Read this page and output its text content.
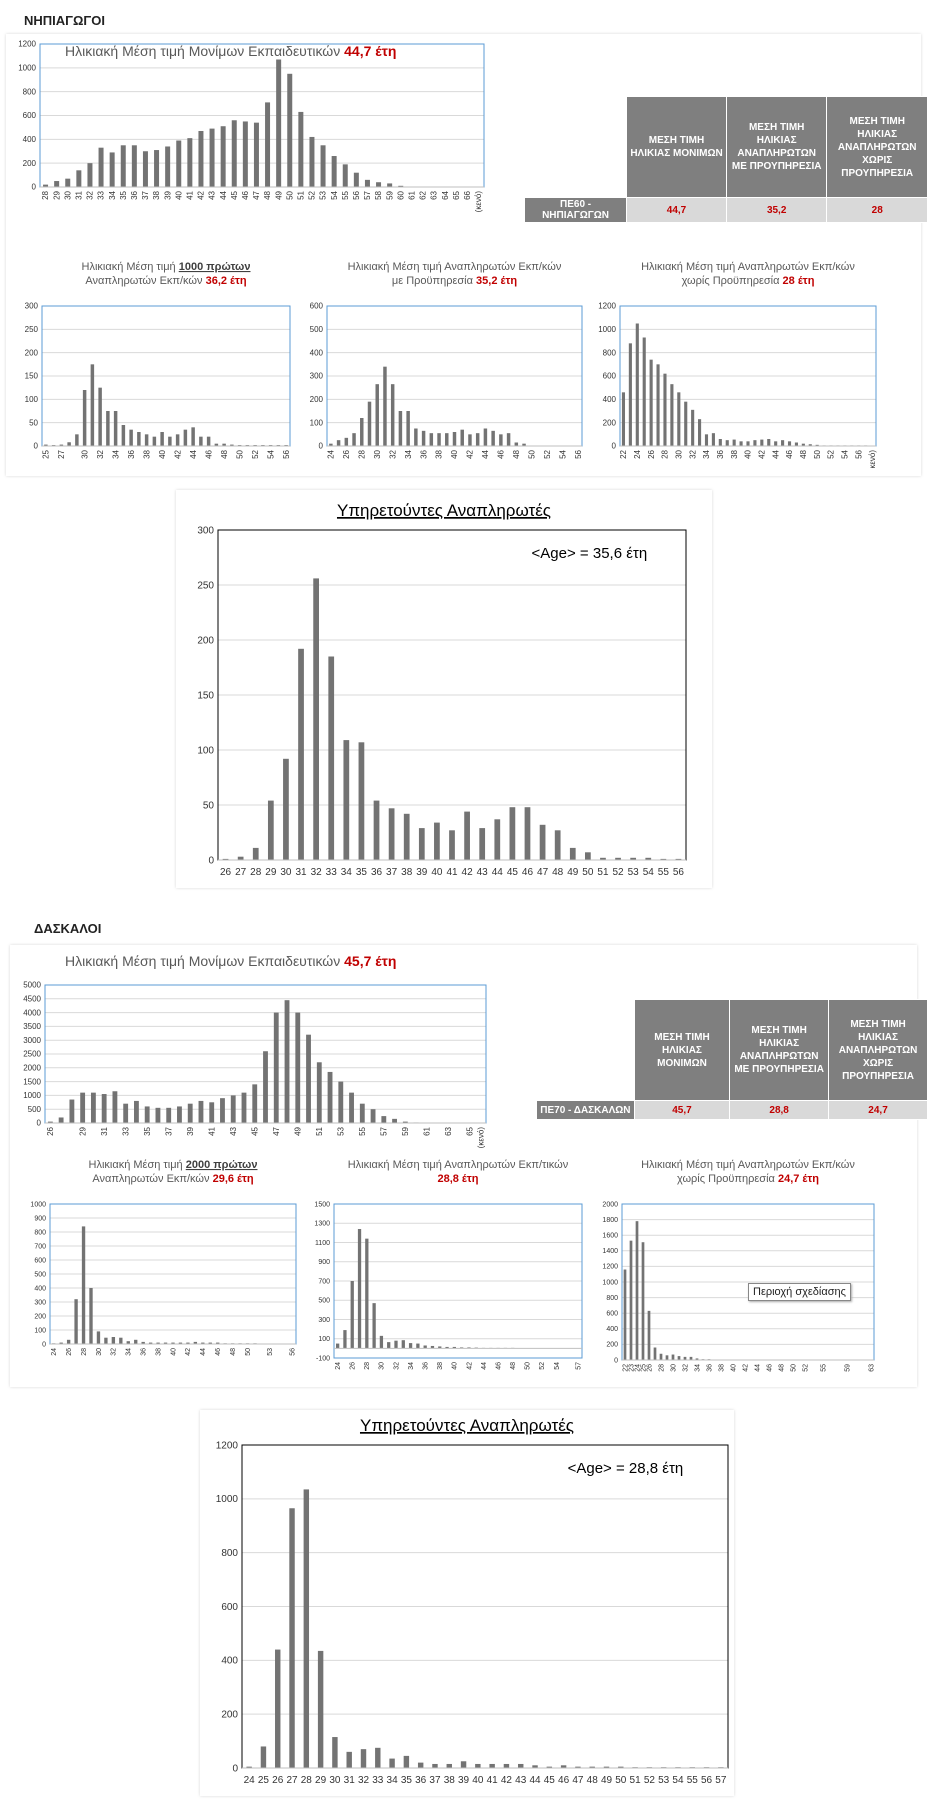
ΝΗΠΙΑΓΩΓΟΙ
Ηλικιακή Μέση τιμή Μονίμων Εκπαιδευτικών 44,7 έτη
0
200
400
600
800
1000
1200
28 29 30 31 32 33 34 35 36 37 38 39 40 41 42 43 44 45 46 47 48 49 50 51 52 53 54 55 56 57 58 59 60 61 62 63 64 65 66 (κενό)
	ΜΕΣΗ ΤΙΜΗ ΗΛΙΚΙΑΣ ΜΟΝΙΜΩΝ	ΜΕΣΗ ΤΙΜΗ ΗΛΙΚΙΑΣ ΑΝΑΠΛΗΡΩΤΩΝ ΜΕ ΠΡΟΥΠΗΡΕΣΙΑ	ΜΕΣΗ ΤΙΜΗ ΗΛΙΚΙΑΣ ΑΝΑΠΛΗΡΩΤΩΝ ΧΩΡΙΣ ΠΡΟΥΠΗΡΕΣΙΑ
ΠΕ60 - ΝΗΠΙΑΓΩΓΩΝ	44,7	35,2	28
Ηλικιακή Μέση τιμή 1000 πρώτων
Αναπληρωτών Εκπ/κών 36,2 έτη
0
50
100
150
200
250
300
25 27 30 32 34 36 38 40 42 44 46 48 50 52 54 56
Ηλικιακή Μέση τιμή Αναπληρωτών Εκπ/κών
με Προϋπηρεσία 35,2 έτη
0
100
200
300
400
500
600
24 26 28 30 32 34 36 38 40 42 44 46 48 50 52 54 56
Ηλικιακή Μέση τιμή Αναπληρωτών Εκπ/κών
χωρίς Προϋπηρεσία 28 έτη
0
200
400
600
800
1000
1200
22 24 26 28 30 32 34 36 38 40 42 44 46 48 50 52 54 56 (κενό)
Υπηρετούντες Αναπληρωτές
0
50
100
150
200
250
300
26 27 28 29 30 31 32 33 34 35 36 37 38 39 40 41 42 43 44 45 46 47 48 49 50 51 52 53 54 55 56
<Age> = 35,6 έτη
ΔΑΣΚΑΛΟΙ
Ηλικιακή Μέση τιμή Μονίμων Εκπαιδευτικών 45,7 έτη
0
500
1000
1500
2000
2500
3000
3500
4000
4500
5000
26	29 31 33 35 37 39 41 43 45 47 49 51 53 55 57 59 61 63 65 (κενό)
	ΜΕΣΗ ΤΙΜΗ ΗΛΙΚΙΑΣ ΜΟΝΙΜΩΝ	ΜΕΣΗ ΤΙΜΗ ΗΛΙΚΙΑΣ ΑΝΑΠΛΗΡΩΤΩΝ ΜΕ ΠΡΟΥΠΗΡΕΣΙΑ	ΜΕΣΗ ΤΙΜΗ ΗΛΙΚΙΑΣ ΑΝΑΠΛΗΡΩΤΩΝ ΧΩΡΙΣ ΠΡΟΥΠΗΡΕΣΙΑ
ΠΕ70 - ΔΑΣΚΑΛΩΝ	45,7	28,8	24,7
Ηλικιακή Μέση τιμή 2000 πρώτων
Αναπληρωτών Εκπ/κών 29,6 έτη
0
100
200
300
400
500
600
700
800
900
1000
24 26 28 30 32 34 36 38 40 42 44 46 48 50 53 56
Ηλικιακή Μέση τιμή Αναπληρωτών Εκπ/τικών
28,8 έτη
-100
100
300
500
700
900
1100
1300
1500
24 26 28 30 32 34 36 38 40 42 44 46 48 50 52 54 57
Ηλικιακή Μέση τιμή Αναπληρωτών Εκπ/κών
χωρίς Προϋπηρεσία 24,7 έτη
0
200
400
600
800
1000
1200
1400
1600
1800
2000
22 23 24 25 26 28 30 32 34 36 38 40 42 44 46 48 50 52 55 59 63
Περιοχή σχεδίασης
Υπηρετούντες Αναπληρωτές
0
200
400
600
800
1000
1200
24 25 26 27 28 29 30 31 32 33 34 35 36 37 38 39 40 41 42 43 44 45 46 47 48 49 50 51 52 53 54 55 56 57
<Age> = 28,8 έτη
